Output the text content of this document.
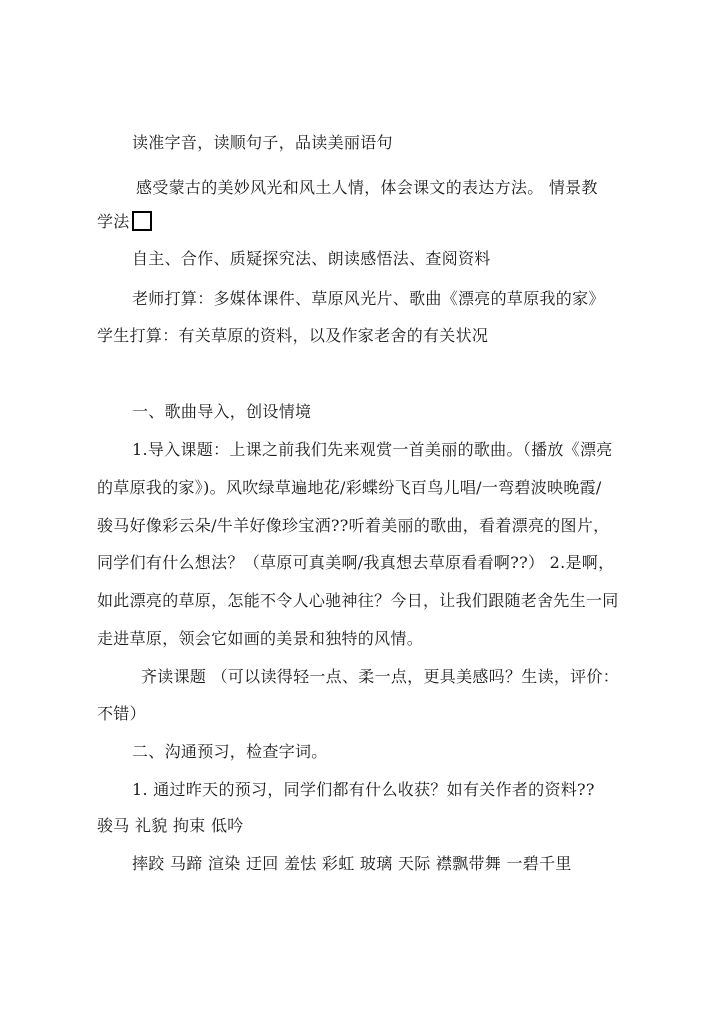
读准字音，读顺句子，品读美丽语句
感受蒙古的美妙风光和风土人情，体会课文的表达方法。 情景教
学法
自主、合作、质疑探究法、朗读感悟法、查阅资料
老师打算：多媒体课件、草原风光片、歌曲《漂亮的草原我的家》
学生打算：有关草原的资料，以及作家老舍的有关状况
一、歌曲导入，创设情境
1.导入课题：上课之前我们先来观赏一首美丽的歌曲。（播放《漂亮
的草原我的家》)。风吹绿草遍地花/彩蝶纷飞百鸟儿唱/一弯碧波映晚霞/
骏马好像彩云朵/牛羊好像珍宝洒??听着美丽的歌曲，看着漂亮的图片，
同学们有什么想法？（草原可真美啊/我真想去草原看看啊??） 2.是啊，
如此漂亮的草原，怎能不令人心驰神往？今日，让我们跟随老舍先生一同
走进草原，领会它如画的美景和独特的风情。
齐读课题 （可以读得轻一点、柔一点，更具美感吗？生读，评价：
不错）
二、沟通预习，检查字词。
1. 通过昨天的预习，同学们都有什么收获？如有关作者的资料??
骏马 礼貌 拘束 低吟
摔跤 马蹄 渲染 迂回 羞怯 彩虹 玻璃 天际 襟飘带舞 一碧千里
